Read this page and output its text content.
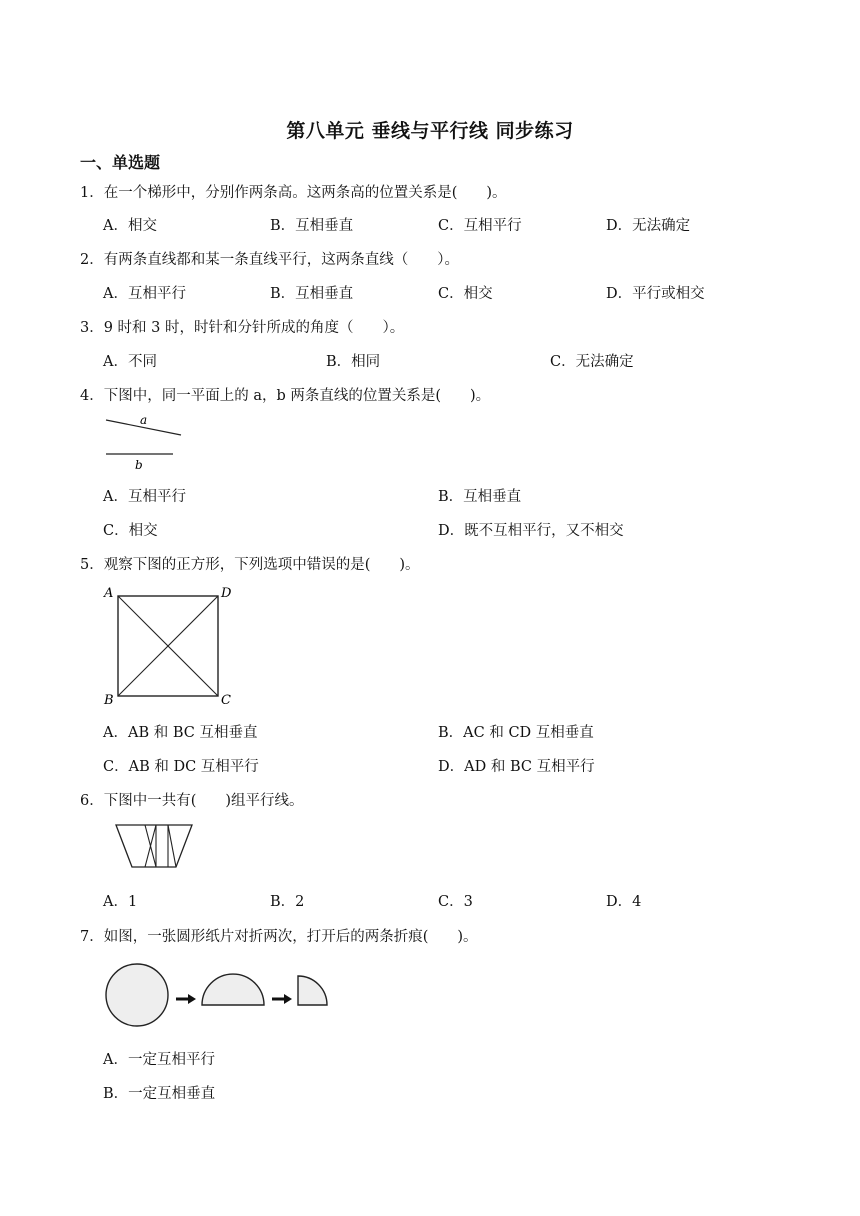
第八单元 垂线与平行线 同步练习
一、单选题
1．在一个梯形中，分别作两条高。这两条高的位置关系是(　　)。
A．相交	B．互相垂直	C．互相平行	D．无法确定
2．有两条直线都和某一条直线平行，这两条直线（　　）。
A．互相平行	B．互相垂直	C．相交	D．平行或相交
3．9 时和 3 时，时针和分针所成的角度（　　）。
A．不同	B．相同	C．无法确定
4．下图中，同一平面上的 a，b 两条直线的位置关系是(　　)。
a
b
A．互相平行	B．互相垂直
C．相交	D．既不互相平行，又不相交
5．观察下图的正方形，下列选项中错误的是(　　)。
A	D
B	C
A．AB 和 BC 互相垂直	B．AC 和 CD 互相垂直
C．AB 和 DC 互相平行	D．AD 和 BC 互相平行
6．下图中一共有(　　)组平行线。
A．1	B．2	C．3	D．4
7．如图，一张圆形纸片对折两次，打开后的两条折痕(　　)。
A．一定互相平行
B．一定互相垂直
